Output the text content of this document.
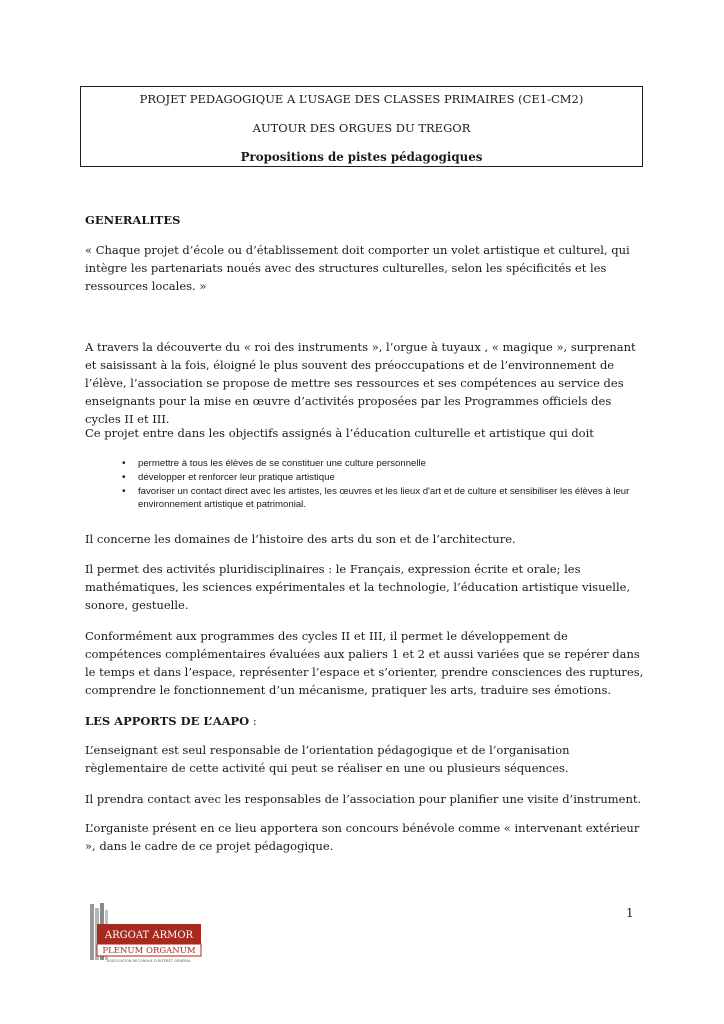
PROJET PEDAGOGIQUE A L’USAGE DES CLASSES PRIMAIRES (CE1-CM2)
AUTOUR DES ORGUES DU TREGOR
Propositions de pistes pédagogiques
GENERALITES
« Chaque projet d’école ou d’établissement doit comporter un volet artistique et culturel, qui intègre les partenariats noués avec des structures culturelles, selon les spécificités et les ressources locales. »
A travers la découverte du « roi des instruments », l’orgue à tuyaux , « magique », surprenant et saisissant à la fois, éloigné le plus souvent des préoccupations et de l’environnement de l’élève, l’association se propose de mettre ses ressources et ses compétences au service des enseignants pour la mise en œuvre d’activités proposées par les Programmes officiels des cycles II et III.
Ce projet entre dans les objectifs assignés à l’éducation culturelle et artistique qui doit
• permettre à tous les élèves de se constituer une culture personnelle
• développer et renforcer leur pratique artistique
• favoriser un contact direct avec les artistes, les œuvres et les lieux d'art et de culture et sensibiliser les élèves à leur environnement artistique et patrimonial.
Il concerne les domaines de l’histoire des arts du son et de l’architecture.
Il permet des activités pluridisciplinaires : le Français, expression écrite et orale; les mathématiques, les sciences expérimentales et la technologie, l’éducation artistique visuelle, sonore, gestuelle.
Conformément aux programmes des cycles II et III, il permet le développement de compétences complémentaires évaluées aux paliers 1 et 2 et aussi variées que se repérer dans le temps et dans l’espace, représenter l’espace et s’orienter, prendre consciences des ruptures, comprendre le fonctionnement d’un mécanisme, pratiquer les arts, traduire ses émotions.
LES APPORTS DE L’AAPO :
L’enseignant est seul responsable de l’orientation pédagogique et de l’organisation règlementaire de cette activité qui peut se réaliser en une ou plusieurs séquences.
Il prendra contact avec les responsables de l’association pour planifier une visite d’instrument.
L’organiste présent en ce lieu apportera son concours bénévole comme « intervenant extérieur », dans le cadre de ce projet pédagogique.
1
ARGOAT ARMOR
PLENUM ORGANUM
ASSOCIATION RECONNUE D'INTÉRÊT GÉNÉRAL
